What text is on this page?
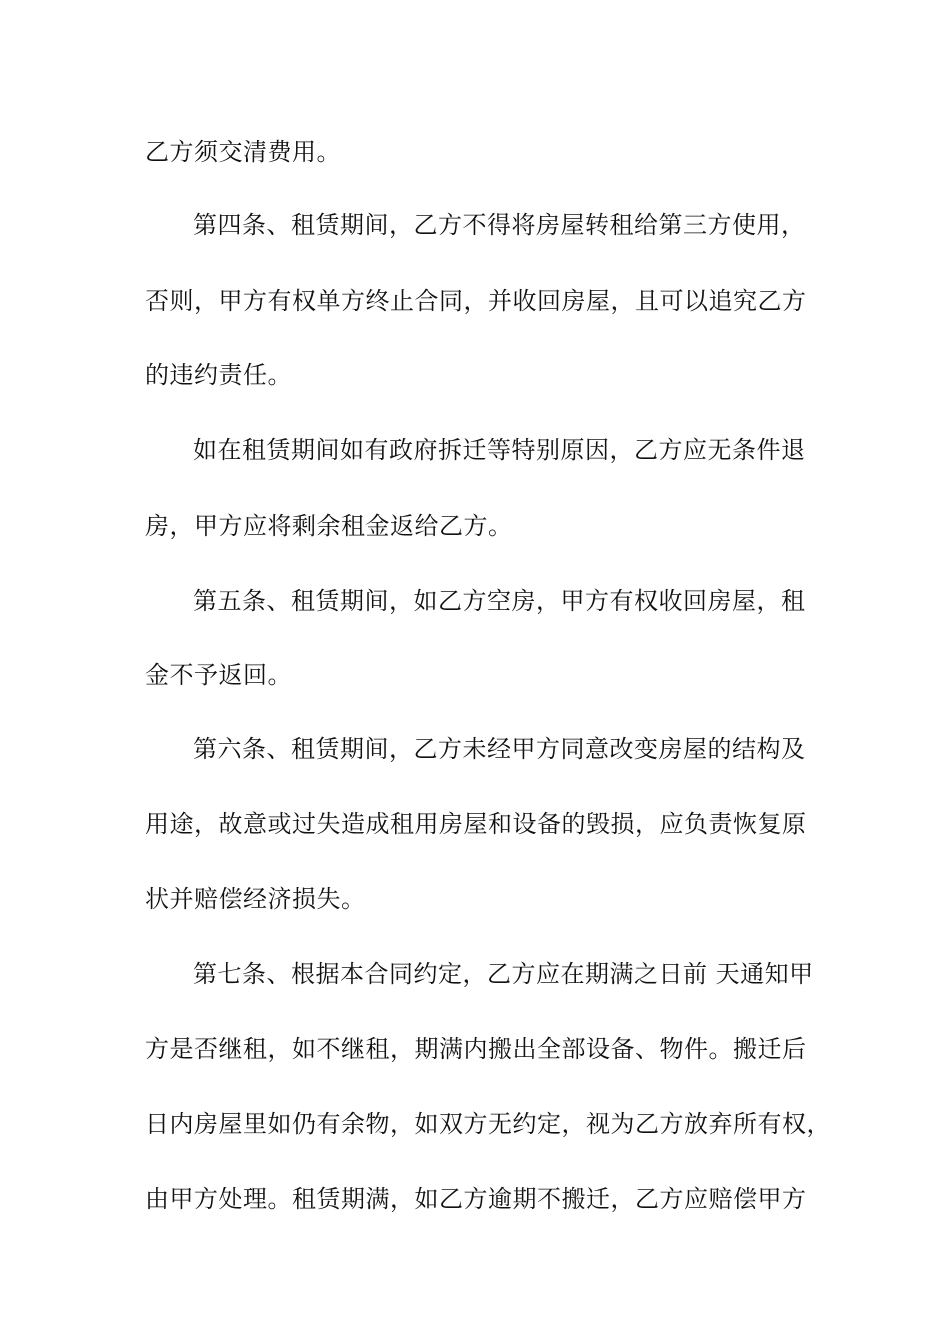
乙方须交清费用。
第四条、租赁期间，乙方不得将房屋转租给第三方使用，
否则，甲方有权单方终止合同，并收回房屋，且可以追究乙方
的违约责任。
如在租赁期间如有政府拆迁等特别原因，乙方应无条件退
房，甲方应将剩余租金返给乙方。
第五条、租赁期间，如乙方空房，甲方有权收回房屋，租
金不予返回。
第六条、租赁期间，乙方未经甲方同意改变房屋的结构及
用途，故意或过失造成租用房屋和设备的毁损，应负责恢复原
状并赔偿经济损失。
第七条、根据本合同约定，乙方应在期满之日前 天通知甲
方是否继租，如不继租，期满内搬出全部设备、物件。搬迁后
日内房屋里如仍有余物，如双方无约定，视为乙方放弃所有权，
由甲方处理。租赁期满，如乙方逾期不搬迁，乙方应赔偿甲方
